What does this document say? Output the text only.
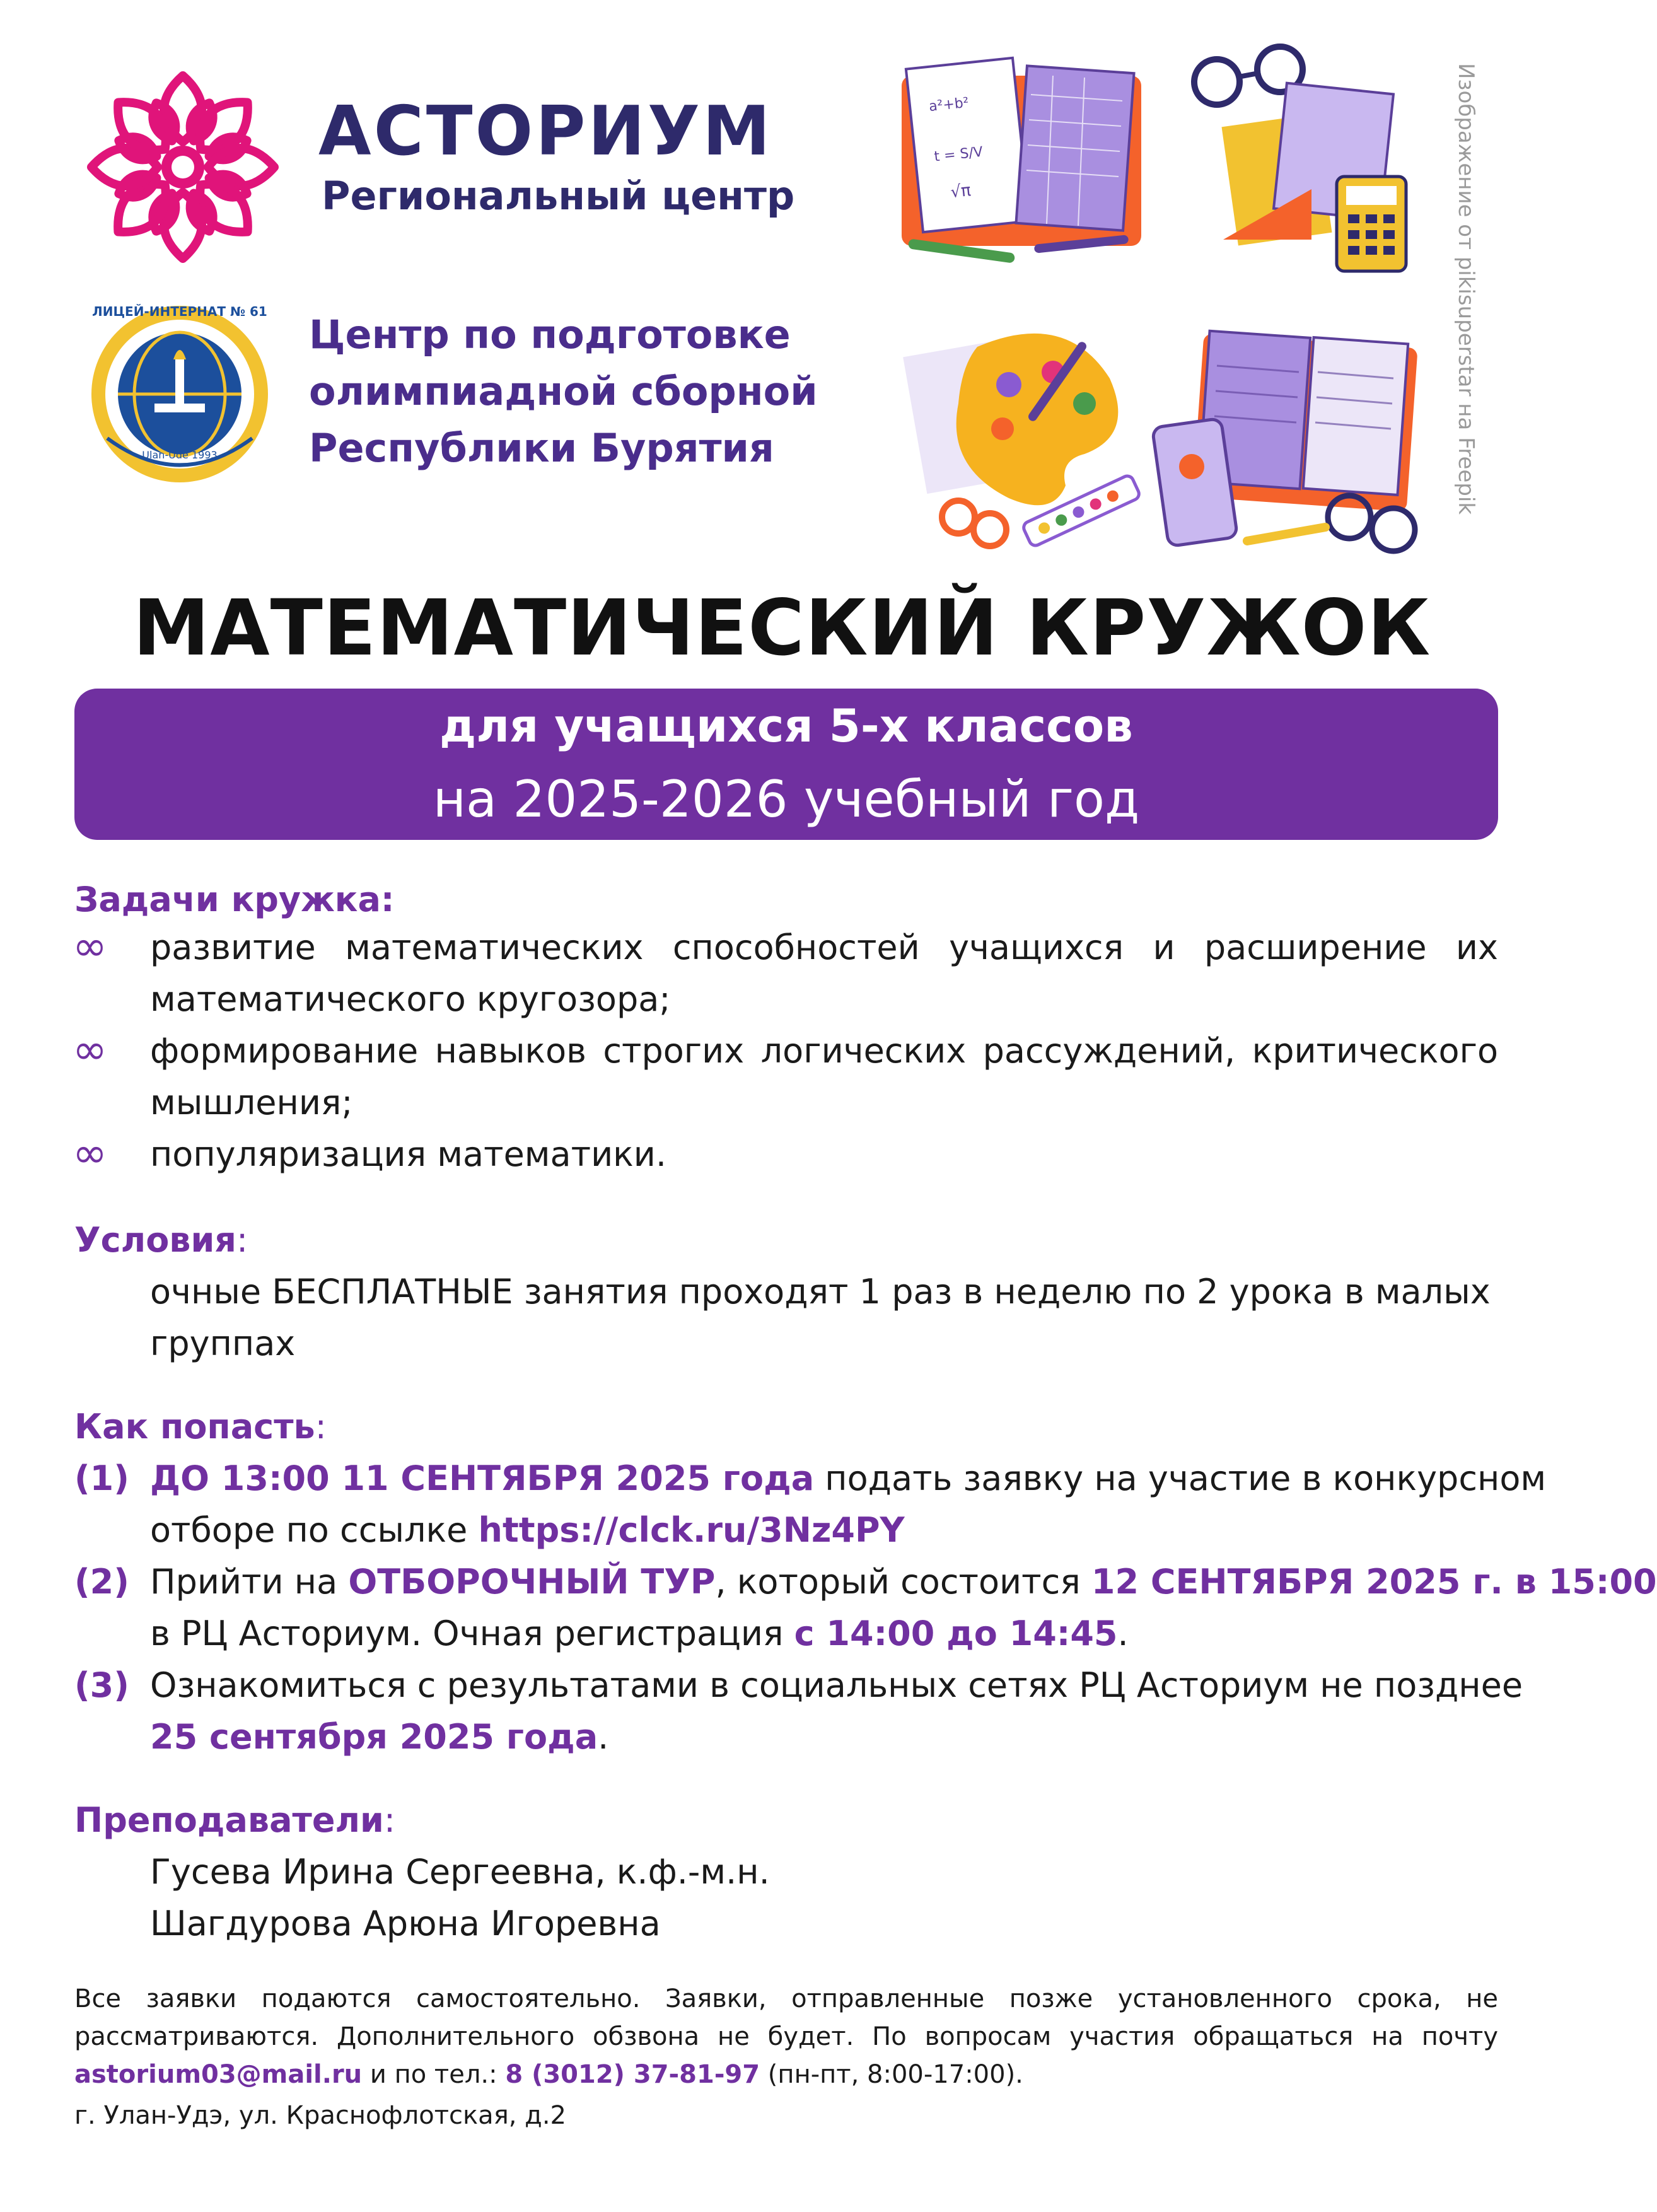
АСТОРИУМ
Региональный центр
ЛИЦЕЙ-ИНТЕРНАТ № 61
Ulan-Ude 1993
Центр по подготовке
олимпиадной сборной
Республики Бурятия
a²+b²
t = S/V
√π	Изображение от pikisuperstar на Freepik
МАТЕМАТИЧЕСКИЙ КРУЖОК
для учащихся 5-х классов
на 2025-2026 учебный год
Задачи кружка:
∞ развитие математических способностей учащихся и расширение их
математического кругозора;
∞ формирование навыков строгих логических рассуждений, критического
мышления;
∞ популяризация математики.
Условия:
очные БЕСПЛАТНЫЕ занятия проходят 1 раз в неделю по 2 урока в малых
группах
Как попасть:
(1) ДО 13:00 11 СЕНТЯБРЯ 2025 года подать заявку на участие в конкурсном
отборе по ссылке https://clck.ru/3Nz4PY
(2) Прийти на ОТБОРОЧНЫЙ ТУР, который состоится 12 СЕНТЯБРЯ 2025 г. в 15:00
в РЦ Асториум. Очная регистрация с 14:00 до 14:45.
(3) Ознакомиться с результатами в социальных сетях РЦ Асториум не позднее
25 сентября 2025 года.
Преподаватели:
Гусева Ирина Сергеевна, к.ф.-м.н.
Шагдурова Арюна Игоревна
Все заявки подаются самостоятельно. Заявки, отправленные позже установленного срока, не
рассматриваются. Дополнительного обзвона не будет. По вопросам участия обращаться на почту
astorium03@mail.ru и по тел.: 8 (3012) 37-81-97 (пн-пт, 8:00-17:00).
г. Улан-Удэ, ул. Краснофлотская, д.2
